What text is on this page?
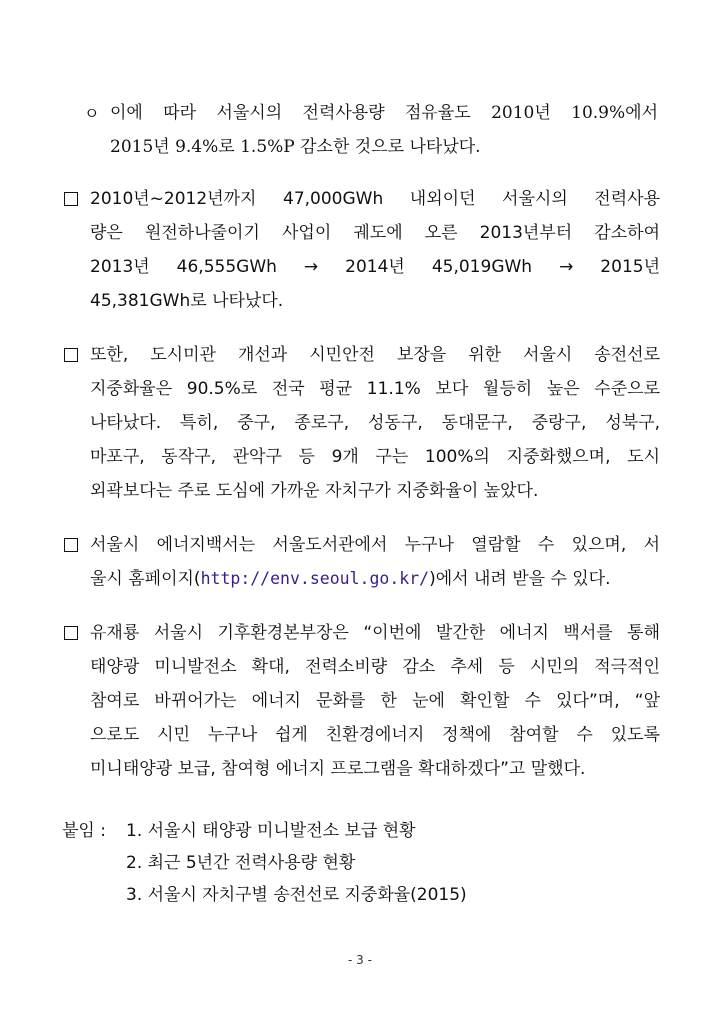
ㅇ 이에 따라 서울시의 전력사용량 점유율도 2010년 10.9%에서
2015년 9.4%로 1.5%P 감소한 것으로 나타났다.
2010년~2012년까지 47,000GWh 내외이던 서울시의 전력사용
량은 원전하나줄이기 사업이 궤도에 오른 2013년부터 감소하여
2013년 46,555GWh → 2014년 45,019GWh → 2015년
45,381GWh로 나타났다.
또한, 도시미관 개선과 시민안전 보장을 위한 서울시 송전선로
지중화율은 90.5%로 전국 평균 11.1% 보다 월등히 높은 수준으로
나타났다. 특히, 중구, 종로구, 성동구, 동대문구, 중랑구, 성북구,
마포구, 동작구, 관악구 등 9개 구는 100%의 지중화했으며, 도시
외곽보다는 주로 도심에 가까운 자치구가 지중화율이 높았다.
서울시 에너지백서는 서울도서관에서 누구나 열람할 수 있으며, 서
울시 홈페이지(http://env.seoul.go.kr/)에서 내려 받을 수 있다.
유재룡 서울시 기후환경본부장은 “이번에 발간한 에너지 백서를 통해
태양광 미니발전소 확대, 전력소비량 감소 추세 등 시민의 적극적인
참여로 바뀌어가는 에너지 문화를 한 눈에 확인할 수 있다”며, “앞
으로도 시민 누구나 쉽게 친환경에너지 정책에 참여할 수 있도록
미니태양광 보급, 참여형 에너지 프로그램을 확대하겠다”고 말했다.
붙임 : 1. 서울시 태양광 미니발전소 보급 현황
2. 최근 5년간 전력사용량 현황
3. 서울시 자치구별 송전선로 지중화율(2015)
- 3 -
